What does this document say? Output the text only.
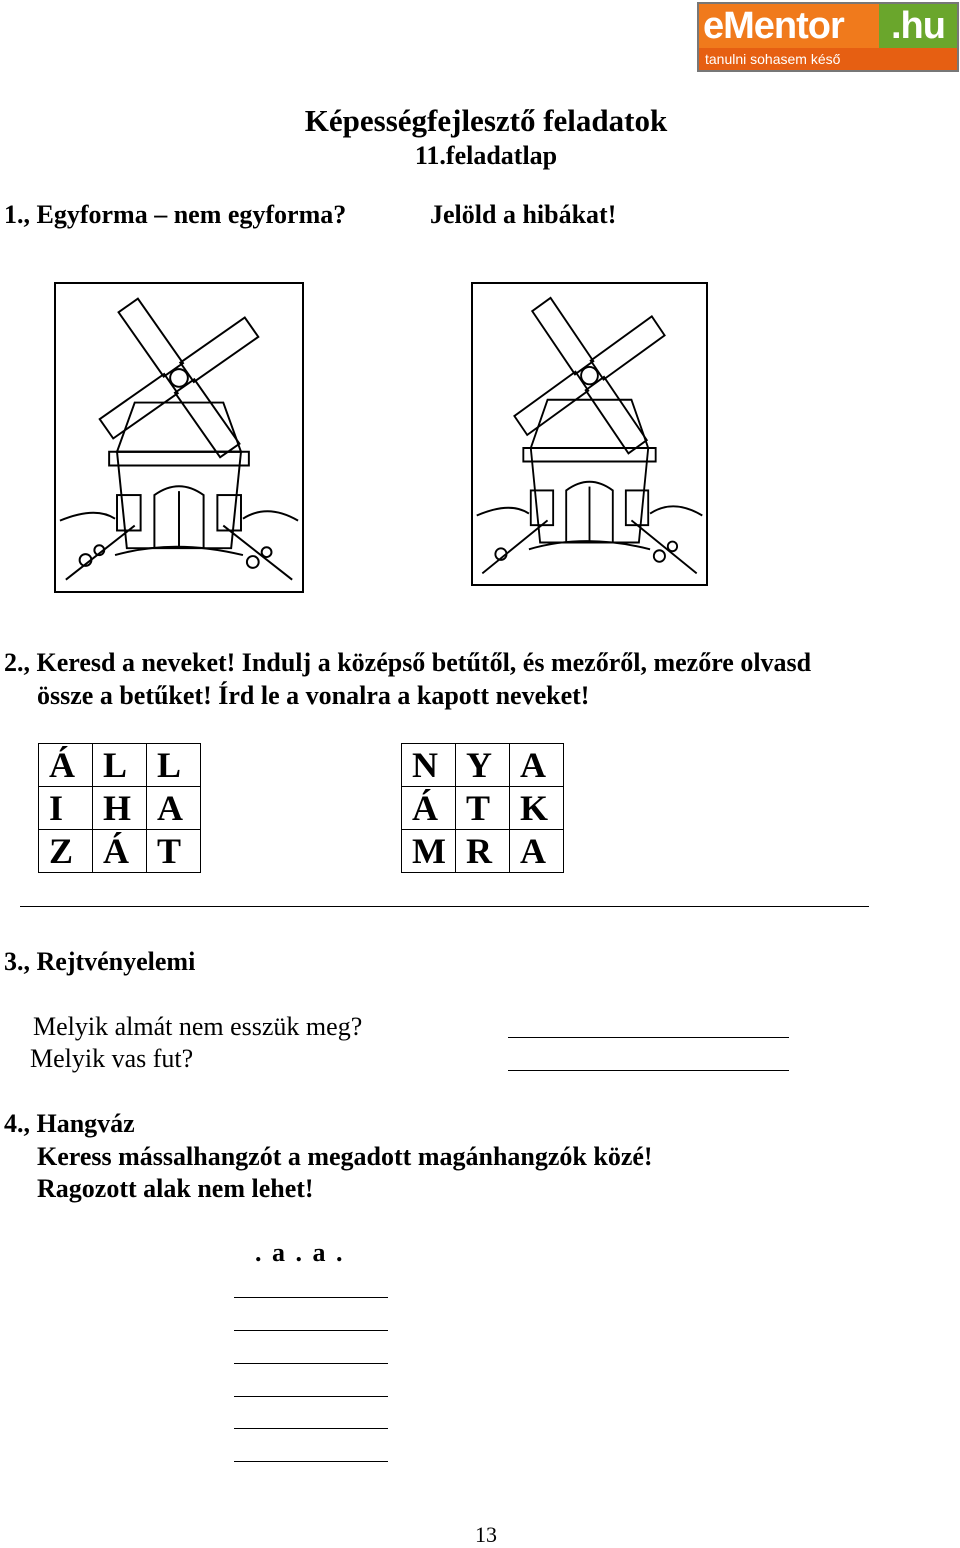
eMentor	.hu
tanulni sohasem késő
Képességfejlesztő feladatok
11.feladatlap
1., Egyforma – nem egyforma?	Jelöld a hibákat!
2., Keresd a neveket! Indulj a középső betűtől, és mezőről, mezőre olvasd
össze a betűket! Írd le a vonalra a kapott neveket!
Á	L	L
I	H	A
Z	Á	T
N	Y	A
Á	T	K
M	R	A
3., Rejtvényelemi
Melyik almát nem esszük meg?
Melyik vas fut?
4., Hangváz
Keress mássalhangzót a megadott magánhangzók közé!
Ragozott alak nem lehet!
. a . a .
13
